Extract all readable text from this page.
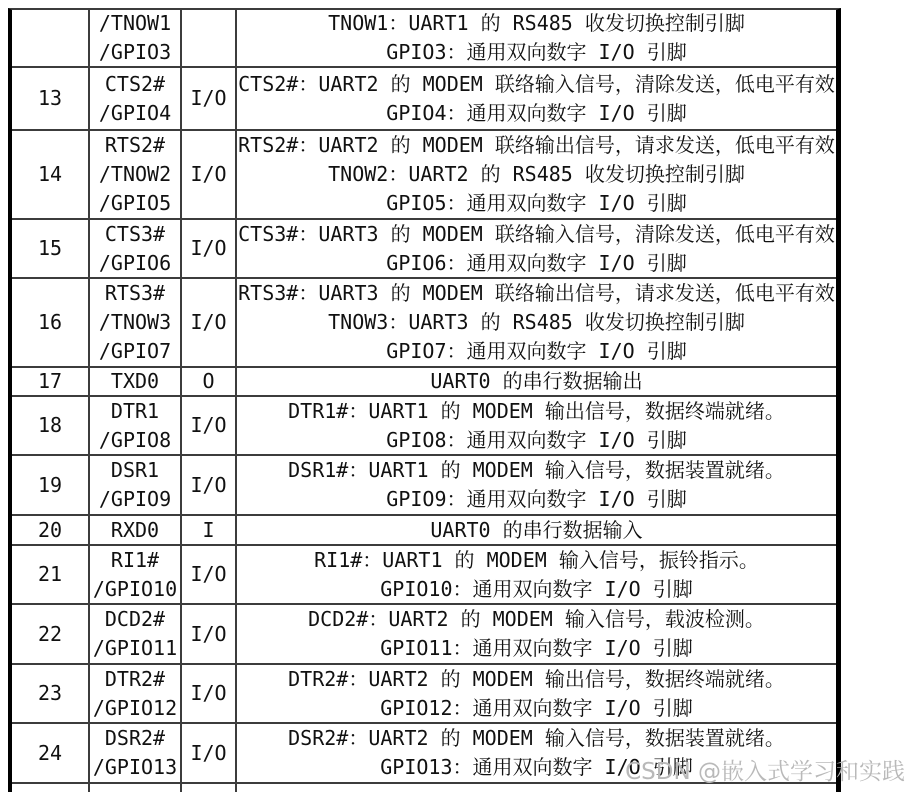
/TNOW1
/GPIO3
TNOW1：UART1 的 RS485 收发切换控制引脚
GPIO3：通用双向数字 I/O 引脚
13
CTS2#
/GPIO4
I/O
CTS2#：UART2 的 MODEM 联络输入信号，清除发送，低电平有效
GPIO4：通用双向数字 I/O 引脚
14
RTS2#
/TNOW2
/GPIO5
I/O
RTS2#：UART2 的 MODEM 联络输出信号，请求发送，低电平有效
TNOW2：UART2 的 RS485 收发切换控制引脚
GPIO5：通用双向数字 I/O 引脚
15
CTS3#
/GPIO6
I/O
CTS3#：UART3 的 MODEM 联络输入信号，清除发送，低电平有效
GPIO6：通用双向数字 I/O 引脚
16
RTS3#
/TNOW3
/GPIO7
I/O
RTS3#：UART3 的 MODEM 联络输出信号，请求发送，低电平有效
TNOW3：UART3 的 RS485 收发切换控制引脚
GPIO7：通用双向数字 I/O 引脚
17 TXD0 O	UART0 的串行数据输出
18
DTR1
/GPIO8
I/O
DTR1#：UART1 的 MODEM 输出信号，数据终端就绪。
GPIO8：通用双向数字 I/O 引脚
19
DSR1
/GPIO9
I/O
DSR1#：UART1 的 MODEM 输入信号，数据装置就绪。
GPIO9：通用双向数字 I/O 引脚
20 RXD0 I	UART0 的串行数据输入
21
RI1#
/GPIO10
I/O
RI1#：UART1 的 MODEM 输入信号，振铃指示。
GPIO10：通用双向数字 I/O 引脚
22
DCD2#
/GPIO11
I/O
DCD2#：UART2 的 MODEM 输入信号，载波检测。
GPIO11：通用双向数字 I/O 引脚
23
DTR2#
/GPIO12
I/O
DTR2#：UART2 的 MODEM 输出信号，数据终端就绪。
GPIO12：通用双向数字 I/O 引脚
24
DSR2#
/GPIO13
I/O
DSR2#：UART2 的 MODEM 输入信号，数据装置就绪。
GPIO13：通用双向数字 I/O 引脚
CSDN @嵌入式学习和实践
